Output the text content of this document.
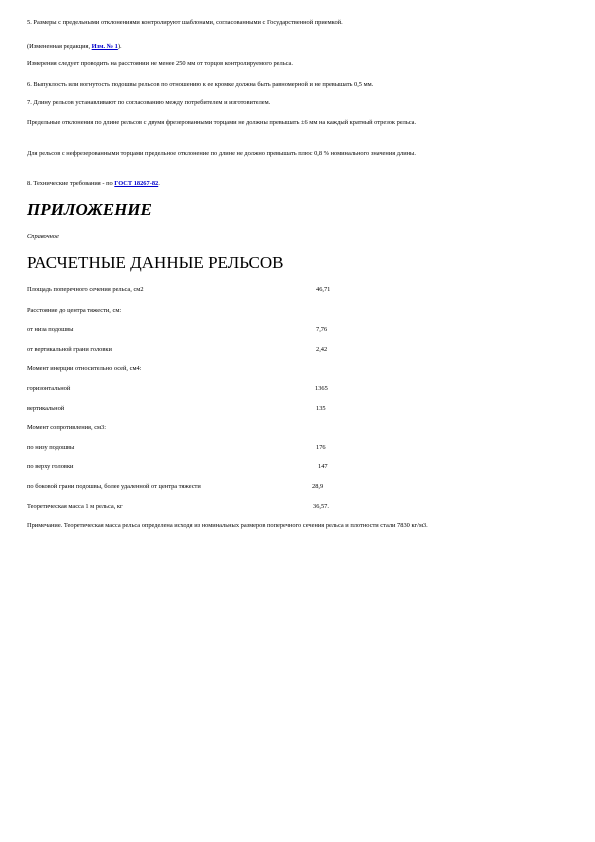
5. Размеры с предельными отклонениями контролируют шаблонами, согласованными с Государственной приемкой.

(Измененная редакция, Изм. № 1).

Измерения следует проводить на расстоянии не менее 250 мм от торцов контролируемого рельса.

6. Выпуклость или вогнутость подошвы рельсов по отношению к ее кромке должна быть равномерной и не превышать 0,5 мм.

7. Длину рельсов устанавливают по согласованию между потребителем и изготовителем.

Предельные отклонения по длине рельсов с двумя фрезерованными торцами не должны превышать ±6 мм на каждый кратный отрезок рельса.

Для рельсов с нефрезерованными торцами предельное отклонение по длине не должно превышать плюс 0,8 % номинального значения длины.

8. Технические требования - по ГОСТ 18267-82.

ПРИЛОЖЕНИЕ

Справочное

РАСЧЕТНЫЕ ДАННЫЕ РЕЛЬСОВ
Площадь поперечного сечения рельса, см2	46,71
Расстояние до центра тяжести, см:
от низа подошвы	7,76
от вертикальной грани головки	2,42
Момент инерции относительно осей, см4:
горизонтальной	1365
вертикальной	135
Момент сопротивления, см3:
по низу подошвы	176
по верху головки	147
по боковой грани подошвы, более удаленной от центра тяжести	28,9
Теоретическая масса 1 м рельса, кг	36,57.

Примечание. Теоретическая масса рельса определена исходя из номинальных размеров поперечного сечения рельса и плотности стали 7830 кг/м3.
